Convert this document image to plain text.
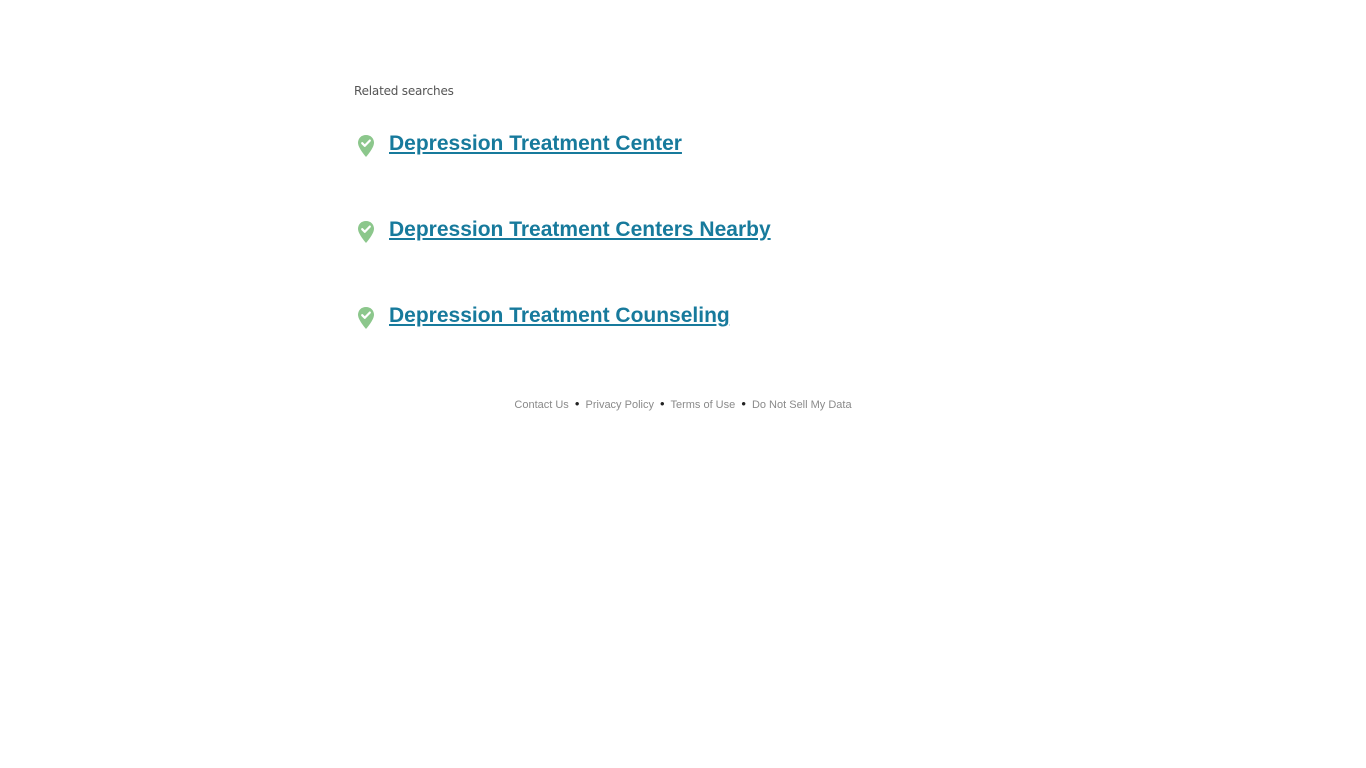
Related searches
Depression Treatment Center
Depression Treatment Centers Nearby
Depression Treatment Counseling
Contact Us • Privacy Policy • Terms of Use • Do Not Sell My Data
